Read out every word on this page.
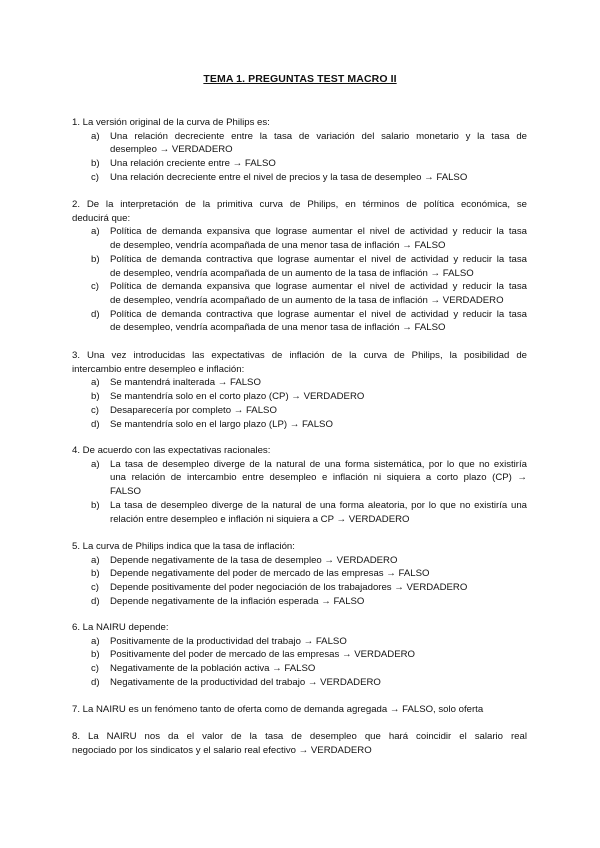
TEMA 1. PREGUNTAS TEST MACRO II

1. La versión original de la curva de Philips es:

a) Una relación decreciente entre la tasa de variación del salario monetario y la tasa de
desempleo → VERDADERO
b) Una relación creciente entre → FALSO
c) Una relación decreciente entre el nivel de precios y la tasa de desempleo → FALSO

2. De la interpretación de la primitiva curva de Philips, en términos de política económica, se

deducirá que:

a) Política de demanda expansiva que lograse aumentar el nivel de actividad y reducir la tasa
de desempleo, vendría acompañada de una menor tasa de inflación → FALSO
b) Política de demanda contractiva que lograse aumentar el nivel de actividad y reducir la tasa
de desempleo, vendría acompañada de un aumento de la tasa de inflación → FALSO
c) Política de demanda expansiva que lograse aumentar el nivel de actividad y reducir la tasa
de desempleo, vendría acompañado de un aumento de la tasa de inflación → VERDADERO
d) Política de demanda contractiva que lograse aumentar el nivel de actividad y reducir la tasa
de desempleo, vendría acompañada de una menor tasa de inflación → FALSO

3. Una vez introducidas las expectativas de inflación de la curva de Philips, la posibilidad de

intercambio entre desempleo e inflación:

a) Se mantendrá inalterada → FALSO
b) Se mantendría solo en el corto plazo (CP) → VERDADERO
c) Desaparecería por completo → FALSO
d) Se mantendría solo en el largo plazo (LP) → FALSO

4. De acuerdo con las expectativas racionales:

a) La tasa de desempleo diverge de la natural de una forma sistemática, por lo que no existiría
una relación de intercambio entre desempleo e inflación ni siquiera a corto plazo (CP) →
FALSO
b) La tasa de desempleo diverge de la natural de una forma aleatoria, por lo que no existiría una
relación entre desempleo e inflación ni siquiera a CP → VERDADERO

5. La curva de Philips indica que la tasa de inflación:

a) Depende negativamente de la tasa de desempleo → VERDADERO
b) Depende negativamente del poder de mercado de las empresas → FALSO
c) Depende positivamente del poder negociación de los trabajadores → VERDADERO
d) Depende negativamente de la inflación esperada → FALSO

6. La NAIRU depende:

a) Positivamente de la productividad del trabajo → FALSO
b) Positivamente del poder de mercado de las empresas → VERDADERO
c) Negativamente de la población activa → FALSO
d) Negativamente de la productividad del trabajo → VERDADERO

7. La NAIRU es un fenómeno tanto de oferta como de demanda agregada → FALSO, solo oferta

8. La NAIRU nos da el valor de la tasa de desempleo que hará coincidir el salario real

negociado por los sindicatos y el salario real efectivo → VERDADERO
